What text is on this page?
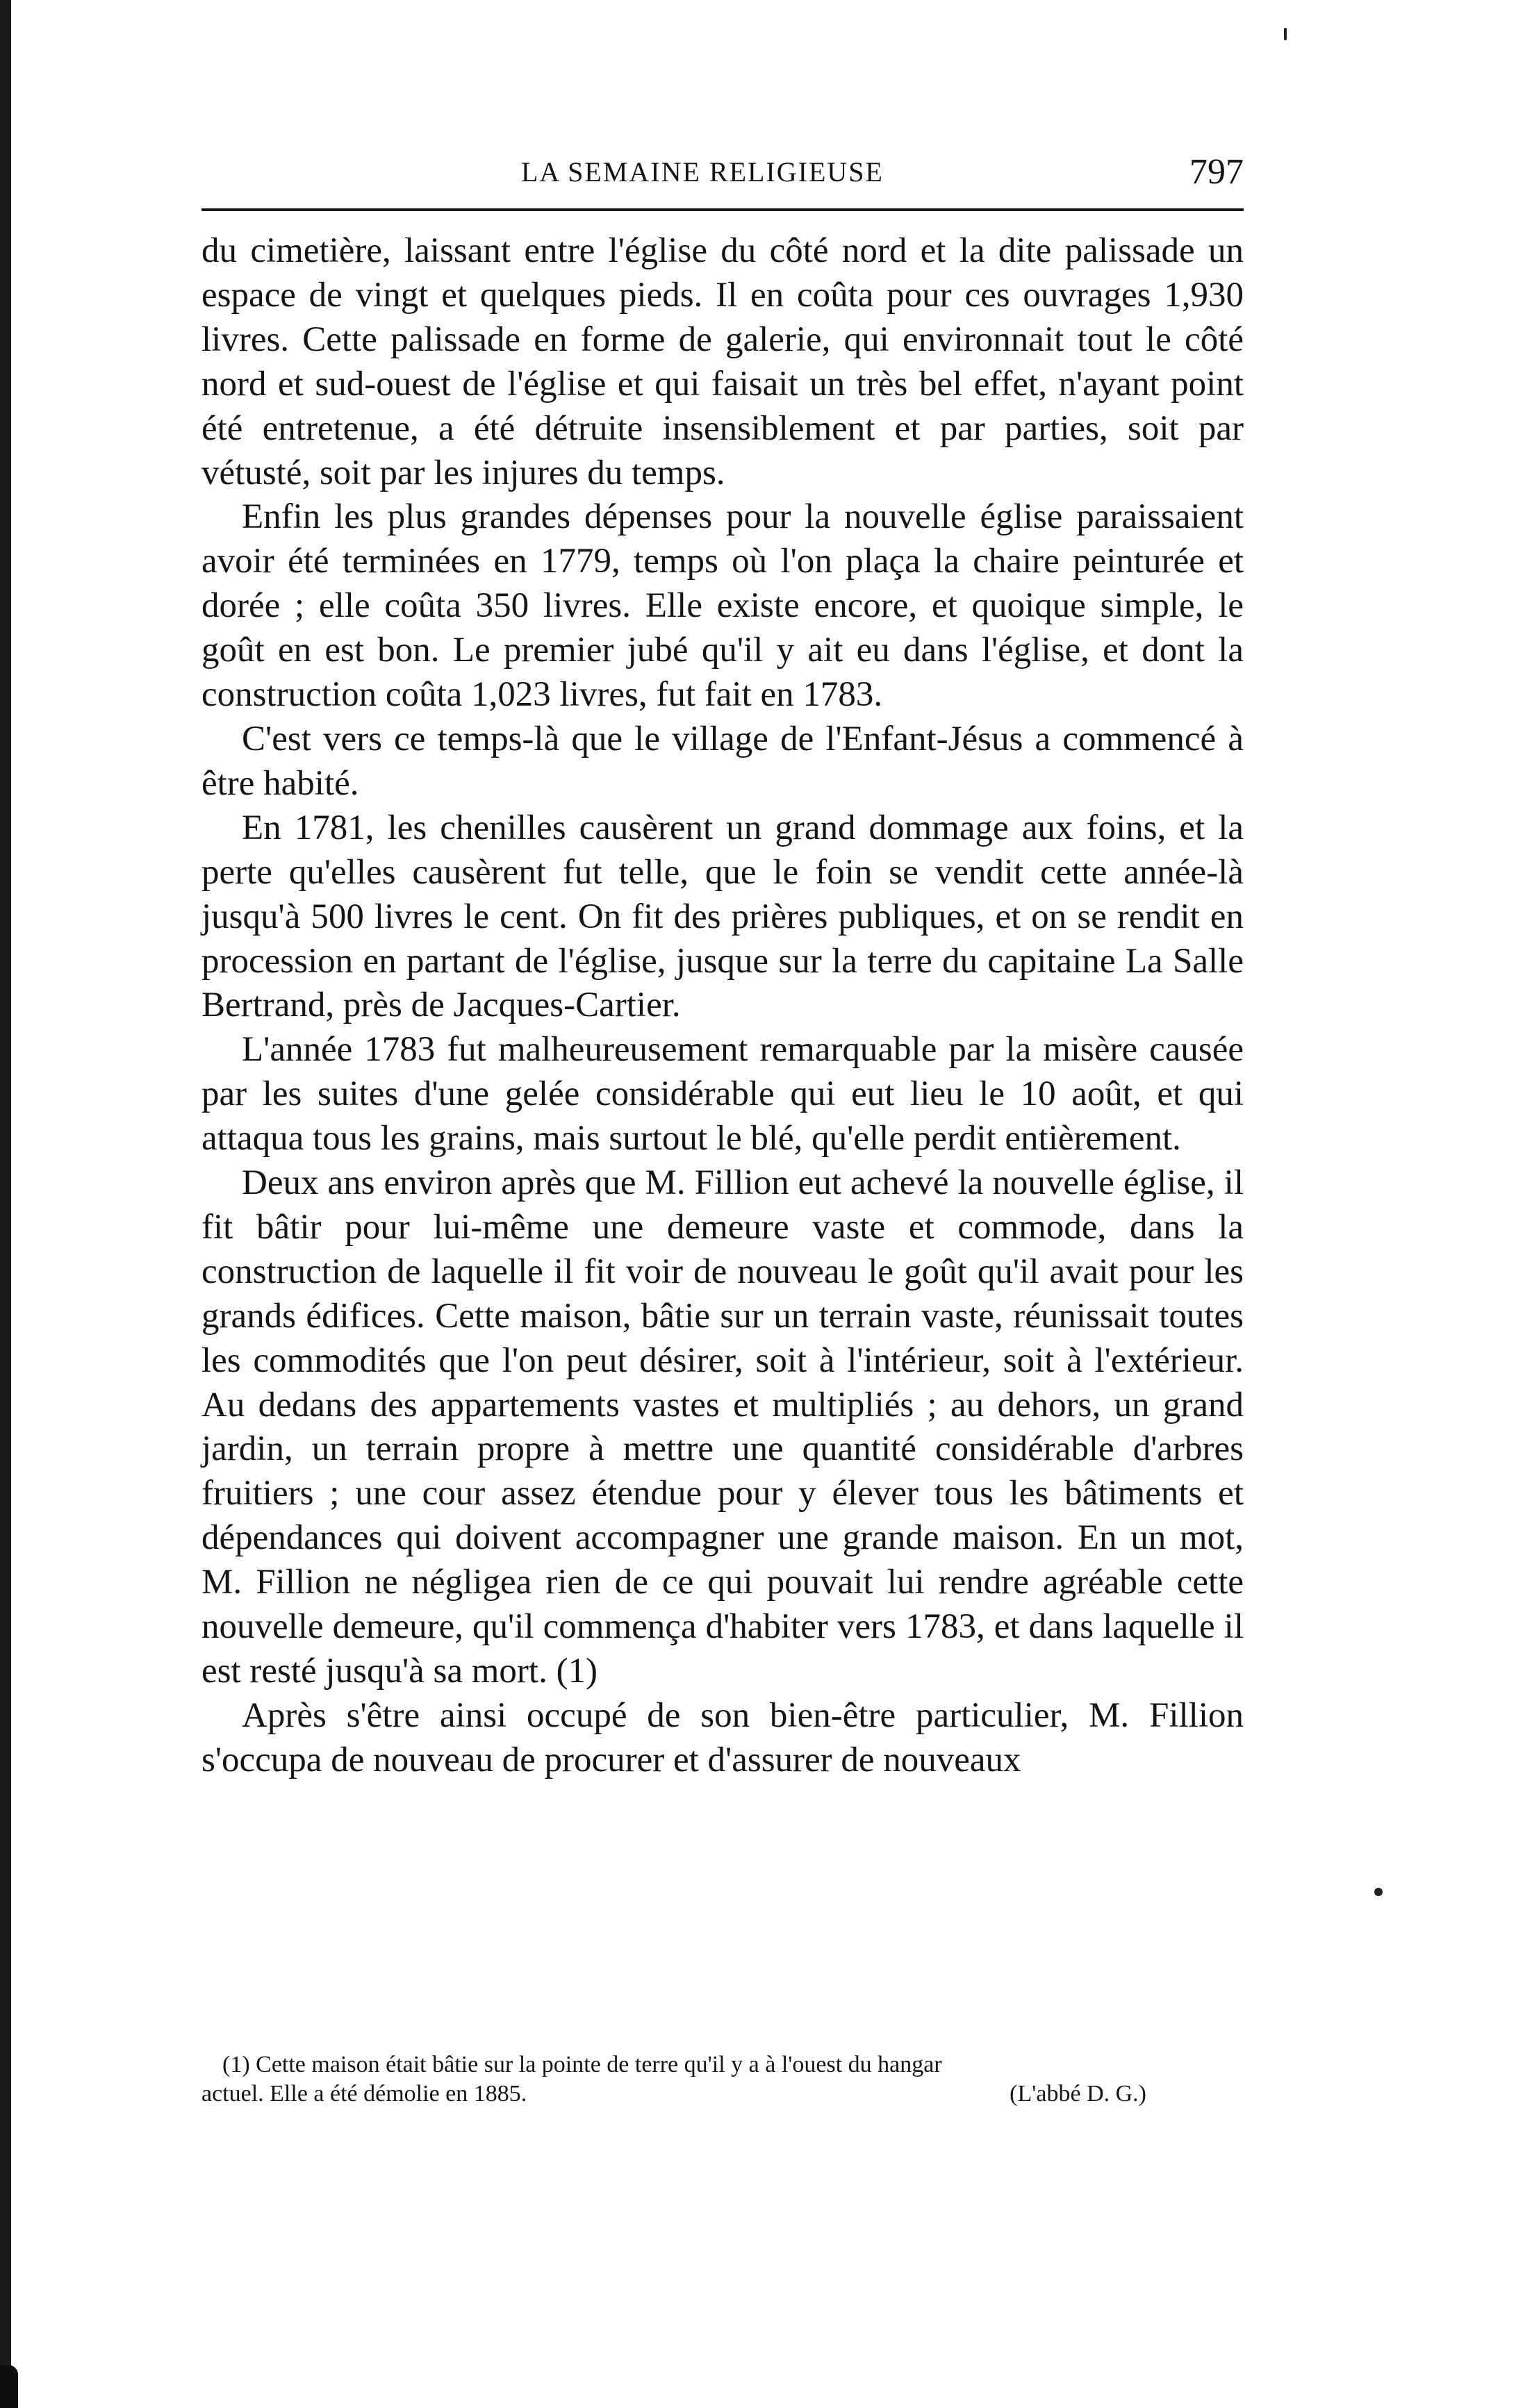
LA SEMAINE RELIGIEUSE	797

du cimetière, laissant entre l'église du côté nord et la dite palissade un espace de vingt et quelques pieds. Il en coûta pour ces ouvrages 1,930 livres. Cette palissade en forme de galerie, qui environnait tout le côté nord et sud-ouest de l'église et qui faisait un très bel effet, n'ayant point été entretenue, a été détruite insensiblement et par parties, soit par vétusté, soit par les injures du temps.

Enfin les plus grandes dépenses pour la nouvelle église paraissaient avoir été terminées en 1779, temps où l'on plaça la chaire peinturée et dorée ; elle coûta 350 livres. Elle existe encore, et quoique simple, le goût en est bon. Le premier jubé qu'il y ait eu dans l'église, et dont la construction coûta 1,023 livres, fut fait en 1783.

C'est vers ce temps-là que le village de l'Enfant-Jésus a commencé à être habité.

En 1781, les chenilles causèrent un grand dommage aux foins, et la perte qu'elles causèrent fut telle, que le foin se vendit cette année-là jusqu'à 500 livres le cent. On fit des prières publiques, et on se rendit en procession en partant de l'église, jusque sur la terre du capitaine La Salle Bertrand, près de Jacques-Cartier.

L'année 1783 fut malheureusement remarquable par la misère causée par les suites d'une gelée considérable qui eut lieu le 10 août, et qui attaqua tous les grains, mais surtout le blé, qu'elle perdit entièrement.

Deux ans environ après que M. Fillion eut achevé la nouvelle église, il fit bâtir pour lui-même une demeure vaste et commode, dans la construction de laquelle il fit voir de nouveau le goût qu'il avait pour les grands édifices. Cette maison, bâtie sur un terrain vaste, réunissait toutes les commodités que l'on peut désirer, soit à l'intérieur, soit à l'extérieur. Au dedans des appartements vastes et multipliés ; au dehors, un grand jardin, un terrain propre à mettre une quantité considérable d'arbres fruitiers ; une cour assez étendue pour y élever tous les bâtiments et dépendances qui doivent accompagner une grande maison. En un mot, M. Fillion ne négligea rien de ce qui pouvait lui rendre agréable cette nouvelle demeure, qu'il commença d'habiter vers 1783, et dans laquelle il est resté jusqu'à sa mort. (1)

Après s'être ainsi occupé de son bien-être particulier, M. Fillion s'occupa de nouveau de procurer et d'assurer de nouveaux

(1) Cette maison était bâtie sur la pointe de terre qu'il y a à l'ouest du hangar
actuel. Elle a été démolie en 1885.	(L'abbé D. G.)
